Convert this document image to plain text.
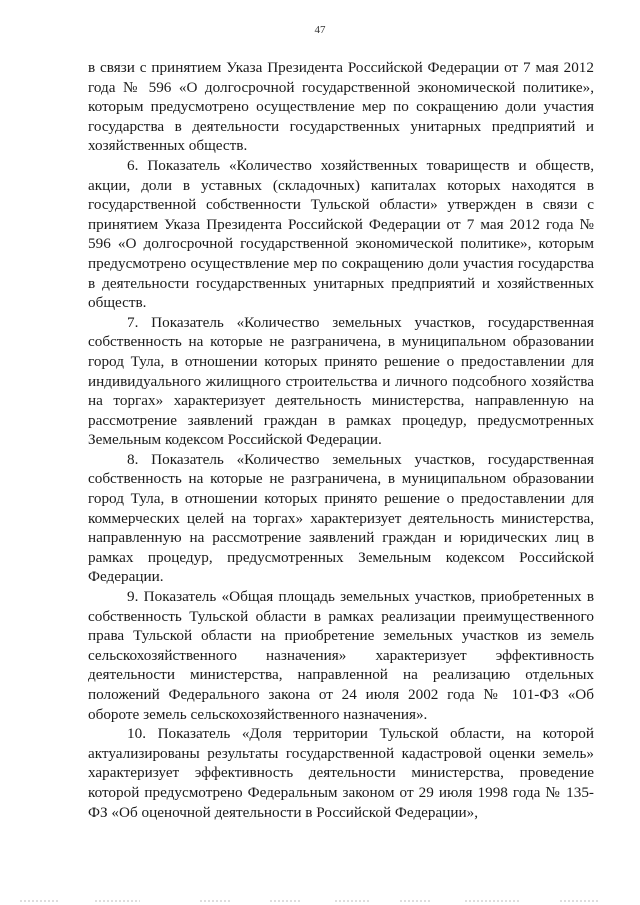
47

в связи с принятием Указа Президента Российской Федерации от 7 мая 2012 года № 596 «О долгосрочной государственной экономической политике», которым предусмотрено осуществление мер по сокращению доли участия государства в деятельности государственных унитарных предприятий и хозяйственных обществ.

6. Показатель «Количество хозяйственных товариществ и обществ, акции, доли в уставных (складочных) капиталах которых находятся в государственной собственности Тульской области» утвержден в связи с принятием Указа Президента Российской Федерации от 7 мая 2012 года № 596 «О долгосрочной государственной экономической политике», которым предусмотрено осуществление мер по сокращению доли участия государства в деятельности государственных унитарных предприятий и хозяйственных обществ.

7. Показатель «Количество земельных участков, государственная собственность на которые не разграничена, в муниципальном образовании город Тула, в отношении которых принято решение о предоставлении для индивидуального жилищного строительства и личного подсобного хозяйства на торгах» характеризует деятельность министерства, направленную на рассмотрение заявлений граждан в рамках процедур, предусмотренных Земельным кодексом Российской Федерации.

8. Показатель «Количество земельных участков, государственная собственность на которые не разграничена, в муниципальном образовании город Тула, в отношении которых принято решение о предоставлении для коммерческих целей на торгах» характеризует деятельность министерства, направленную на рассмотрение заявлений граждан и юридических лиц в рамках процедур, предусмотренных Земельным кодексом Российской Федерации.

9. Показатель «Общая площадь земельных участков, приобретенных в собственность Тульской области в рамках реализации преимущественного права Тульской области на приобретение земельных участков из земель сельскохозяйственного назначения» характеризует эффективность деятельности министерства, направленной на реализацию отдельных положений Федерального закона от 24 июля 2002 года № 101-ФЗ «Об обороте земель сельскохозяйственного назначения».

10. Показатель «Доля территории Тульской области, на которой актуализированы результаты государственной кадастровой оценки земель» характеризует эффективность деятельности министерства, проведение которой предусмотрено Федеральным законом от 29 июля 1998 года № 135-ФЗ «Об оценочной деятельности в Российской Федерации»,
